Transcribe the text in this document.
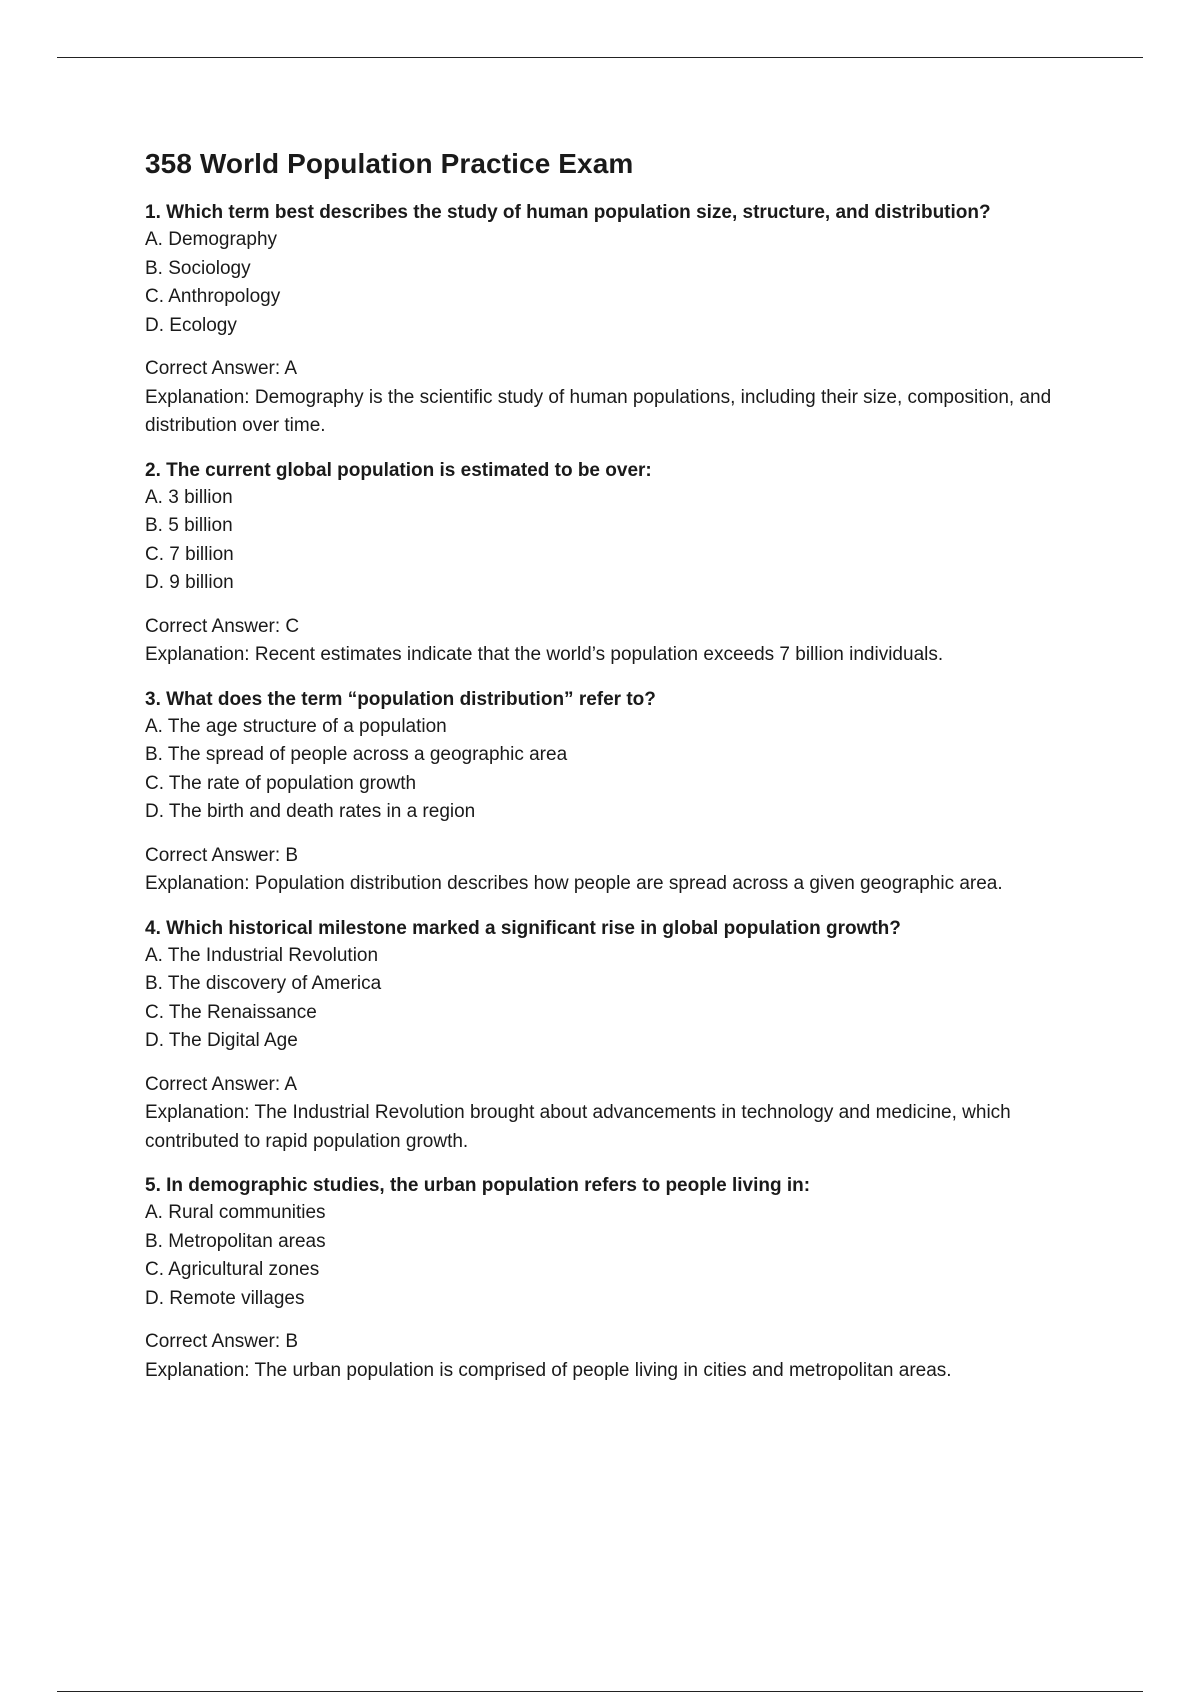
358 World Population Practice Exam

1. Which term best describes the study of human population size, structure, and distribution?

A. Demography
B. Sociology
C. Anthropology
D. Ecology

Correct Answer: A

Explanation: Demography is the scientific study of human populations, including their size, composition, and distribution over time.

2. The current global population is estimated to be over:

A. 3 billion
B. 5 billion
C. 7 billion
D. 9 billion

Correct Answer: C

Explanation: Recent estimates indicate that the world’s population exceeds 7 billion individuals.

3. What does the term “population distribution” refer to?

A. The age structure of a population
B. The spread of people across a geographic area
C. The rate of population growth
D. The birth and death rates in a region

Correct Answer: B

Explanation: Population distribution describes how people are spread across a given geographic area.

4. Which historical milestone marked a significant rise in global population growth?

A. The Industrial Revolution
B. The discovery of America
C. The Renaissance
D. The Digital Age

Correct Answer: A

Explanation: The Industrial Revolution brought about advancements in technology and medicine, which contributed to rapid population growth.

5. In demographic studies, the urban population refers to people living in:

A. Rural communities
B. Metropolitan areas
C. Agricultural zones
D. Remote villages

Correct Answer: B

Explanation: The urban population is comprised of people living in cities and metropolitan areas.
